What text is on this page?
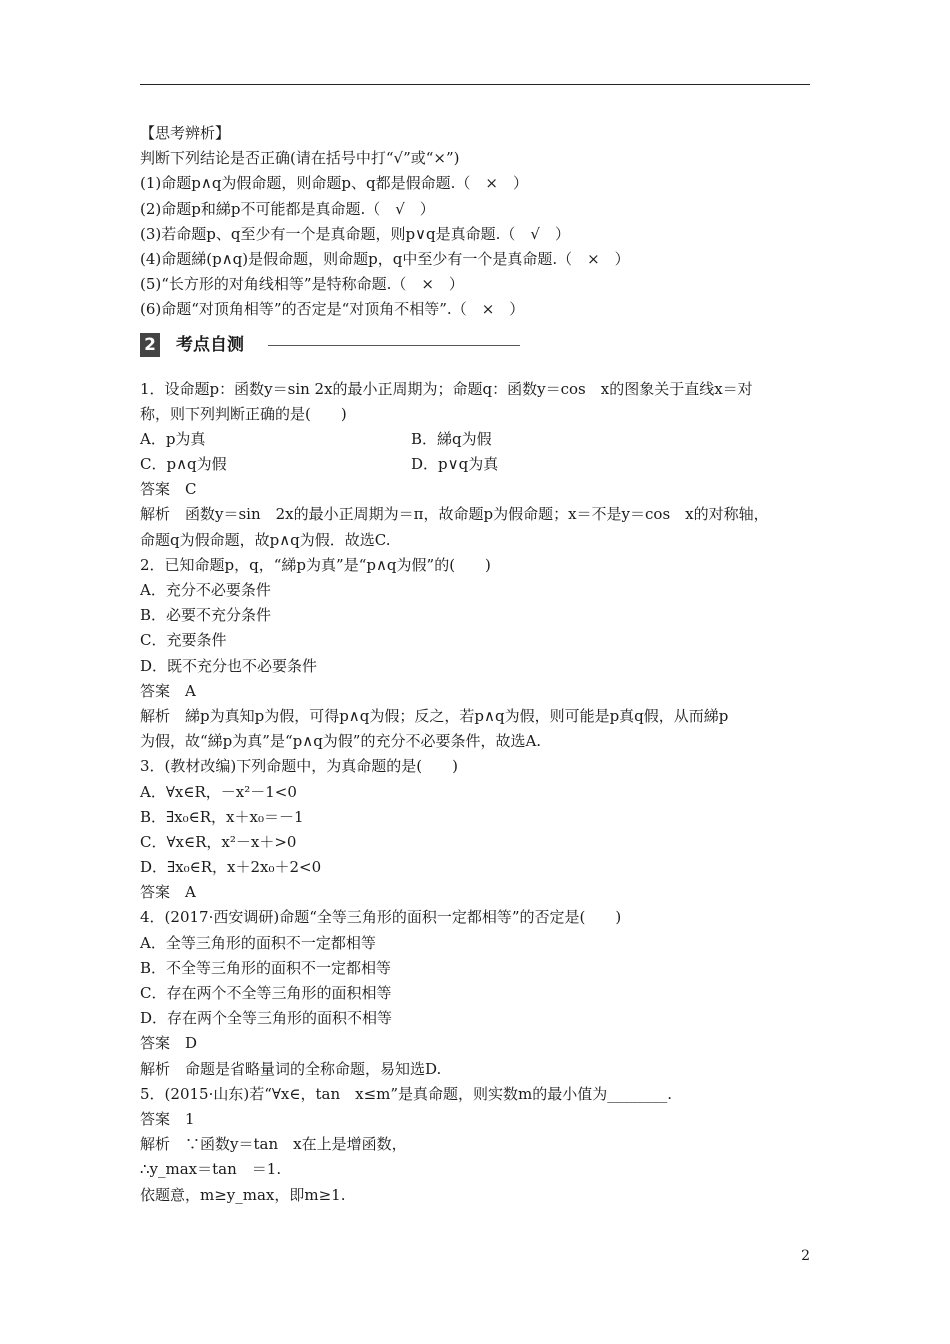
【思考辨析】
判断下列结论是否正确(请在括号中打“√”或“×”)
(1)命题p∧q为假命题，则命题p、q都是假命题.（　×　）
(2)命题p和綈p不可能都是真命题.（　√　）
(3)若命题p、q至少有一个是真命题，则p∨q是真命题.（　√　）
(4)命题綈(p∧q)是假命题，则命题p，q中至少有一个是真命题.（　×　）
(5)“长方形的对角线相等”是特称命题.（　×　）
(6)命题“对顶角相等”的否定是“对顶角不相等”.（　×　）
2 考点自测
1．设命题p：函数y＝sin 2x的最小正周期为；命题q：函数y＝cos　x的图象关于直线x＝对
称，则下列判断正确的是(　　)
A．p为真	B．綈q为假
C．p∧q为假	D．p∨q为真
答案　C
解析　函数y＝sin　2x的最小正周期为＝π，故命题p为假命题；x＝不是y＝cos　x的对称轴，
命题q为假命题，故p∧q为假．故选C.
2．已知命题p，q，“綈p为真”是“p∧q为假”的(　　)
A．充分不必要条件
B．必要不充分条件
C．充要条件
D．既不充分也不必要条件
答案　A
解析　綈p为真知p为假，可得p∧q为假；反之，若p∧q为假，则可能是p真q假，从而綈p
为假，故“綈p为真”是“p∧q为假”的充分不必要条件，故选A.
3．(教材改编)下列命题中，为真命题的是(　　)
A．∀x∈R，－x²－1<0
B．∃x₀∈R，x＋x₀＝－1
C．∀x∈R，x²－x＋>0
D．∃x₀∈R，x＋2x₀＋2<0
答案　A
4．(2017·西安调研)命题“全等三角形的面积一定都相等”的否定是(　　)
A．全等三角形的面积不一定都相等
B．不全等三角形的面积不一定都相等
C．存在两个不全等三角形的面积相等
D．存在两个全等三角形的面积不相等
答案　D
解析　命题是省略量词的全称命题，易知选D.
5．(2015·山东)若“∀x∈，tan　x≤m”是真命题，则实数m的最小值为________.
答案　1
解析　∵函数y＝tan　x在上是增函数，
∴y_max＝tan　＝1.
依题意，m≥y_max，即m≥1.
2
